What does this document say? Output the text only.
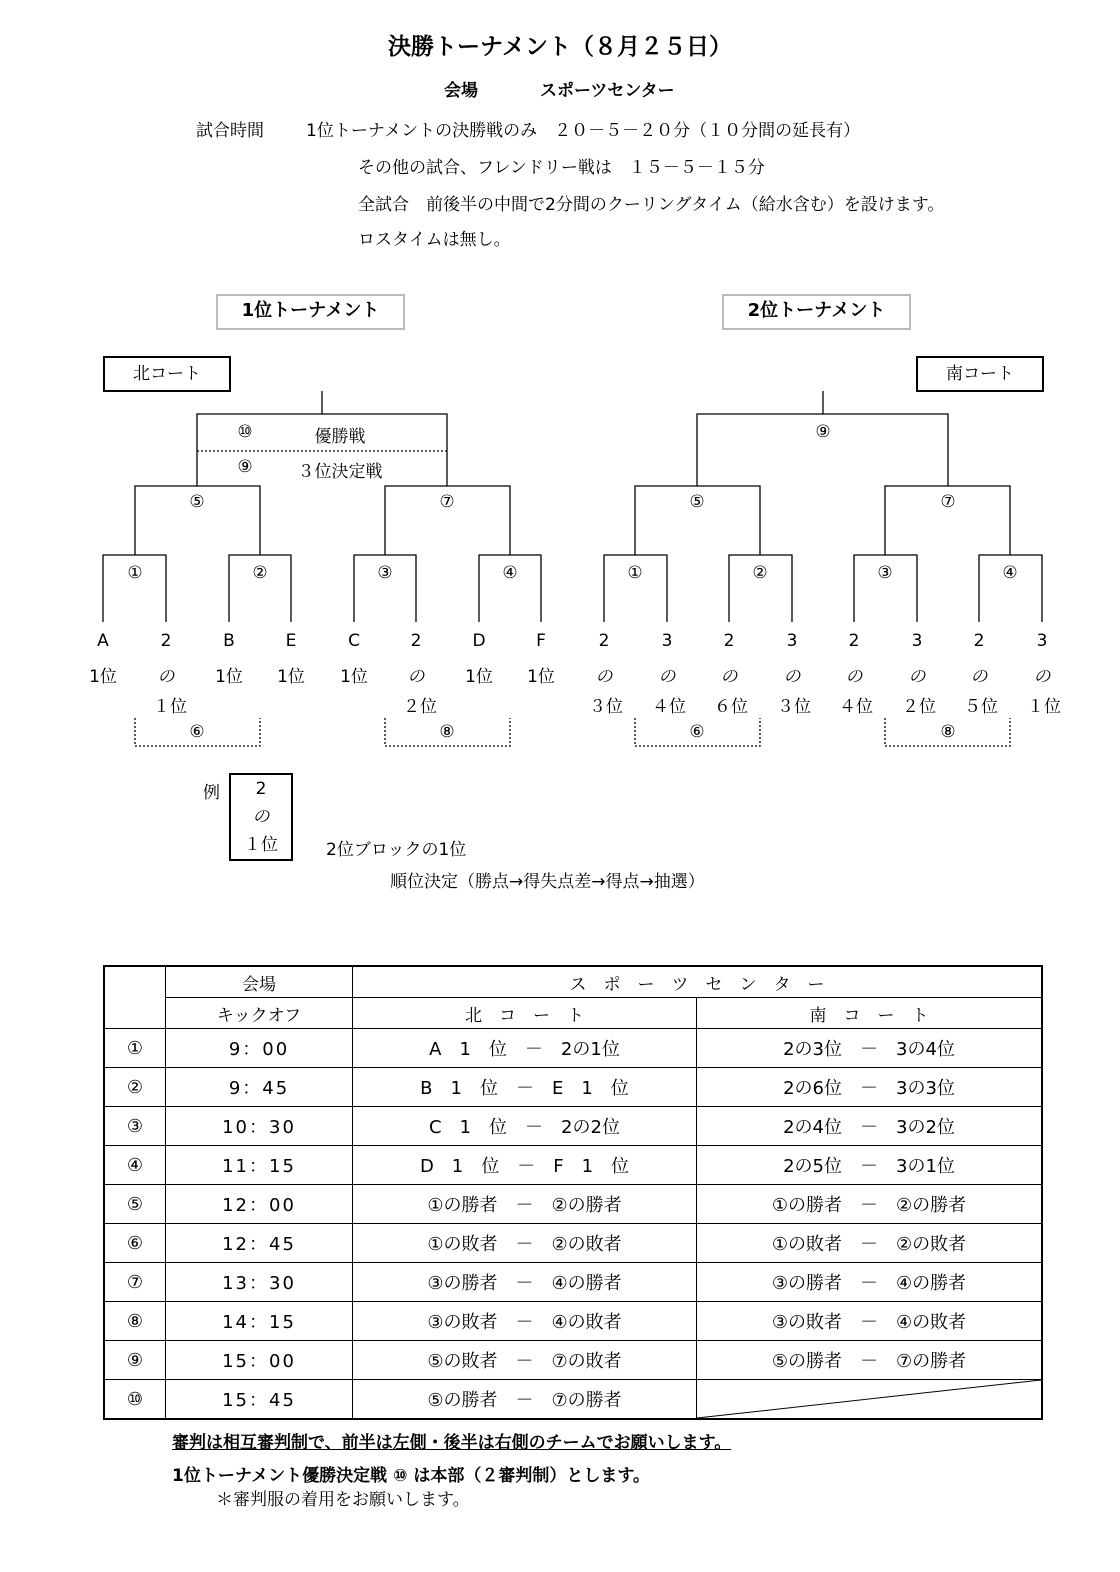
決勝トーナメント（８月２５日）
会場	スポーツセンター
試合時間 1位トーナメントの決勝戦のみ　２０－５－２０分（１０分間の延長有）
その他の試合、フレンドリー戦は　１５－５－１５分
全試合　前後半の中間で2分間のクーリングタイム（給水含む）を設けます。
ロスタイムは無し。
1位トーナメント	2位トーナメント
北コート	南コート
⑩	優勝戦
⑨	３位決定戦
⑤	⑦
①	②	③	④
A	2	B	E	C	2	D	F
1位	の	1位	1位	1位	の	1位	1位
１位	２位
⑥	⑧
⑨
⑤	⑦
①	②	③	④
2	3	2	3	2	3	2	3
の	の	の	の	の	の	の	の
３位	４位	６位	３位	４位	２位	５位	１位
⑥	⑧
例	2
の
１位	2位ブロックの1位
順位決定（勝点→得失点差→得点→抽選）
	会場	ス　ポ　ー　ツ　セ　ン　タ　ー	
	キックオフ	北　コ　ー　ト	南　コ　ー　ト
①	9：00	A　1　位　－　2の1位	2の3位　－　3の4位
②	9：45	B　1　位　－　E　1　位	2の6位　－　3の3位
③	10：30	C　1　位　－　2の2位	2の4位　－　3の2位
④	11：15	D　1　位　－　F　1　位	2の5位　－　3の1位
⑤	12：00	①の勝者　－　②の勝者	①の勝者　－　②の勝者
⑥	12：45	①の敗者　－　②の敗者	①の敗者　－　②の敗者
⑦	13：30	③の勝者　－　④の勝者	③の勝者　－　④の勝者
⑧	14：15	③の敗者　－　④の敗者	③の敗者　－　④の敗者
⑨	15：00	⑤の敗者　－　⑦の敗者	⑤の勝者　－　⑦の勝者
⑩	15：45	⑤の勝者　－　⑦の勝者	
審判は相互審判制で、前半は左側・後半は右側のチームでお願いします。
1位トーナメント優勝決定戦 ⑩ は本部（２審判制）とします。
＊審判服の着用をお願いします。
